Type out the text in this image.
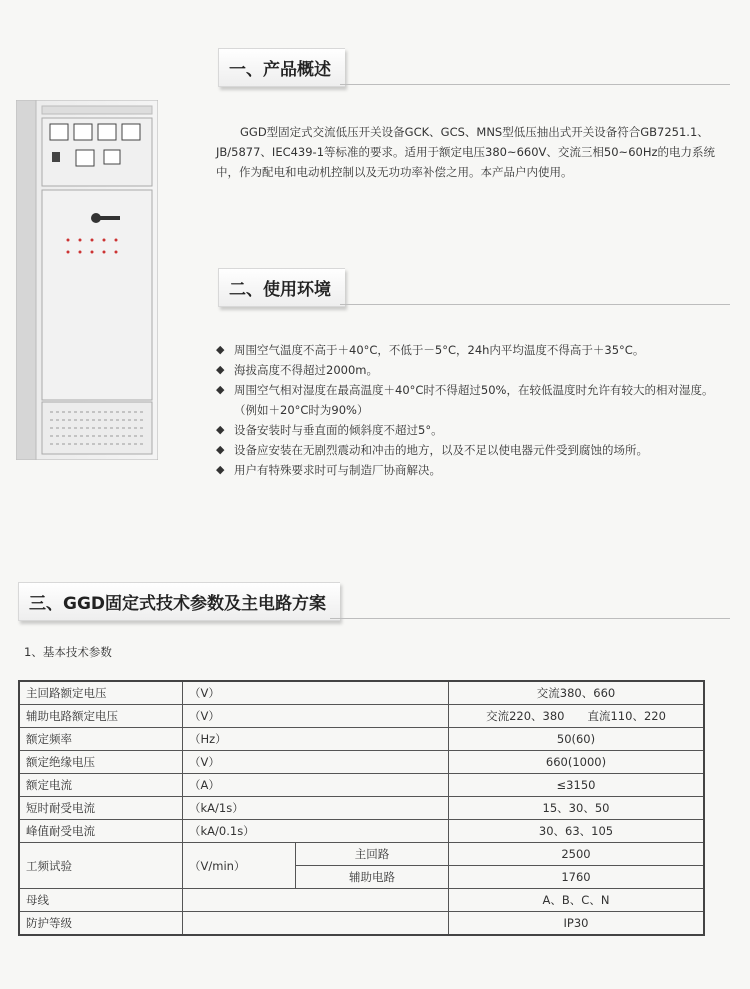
一、产品概述
GGD型固定式交流低压开关设备GCK、GCS、MNS型低压抽出式开关设备符合GB7251.1、JB/5877、IEC439-1等标准的要求。适用于额定电压380~660V、交流三相50~60Hz的电力系统中，作为配电和电动机控制以及无功功率补偿之用。本产品户内使用。
二、使用环境
◆ 周围空气温度不高于＋40°C，不低于－5°C，24h内平均温度不得高于＋35°C。
◆ 海拔高度不得超过2000m。
◆ 周围空气相对湿度在最高温度＋40°C时不得超过50%，在较低温度时允许有较大的相对湿度。（例如＋20°C时为90%）
◆ 设备安装时与垂直面的倾斜度不超过5°。
◆ 设备应安装在无剧烈震动和冲击的地方，以及不足以使电器元件受到腐蚀的场所。
◆ 用户有特殊要求时可与制造厂协商解决。
三、GGD固定式技术参数及主电路方案
1、基本技术参数
主回路额定电压	（V）		交流380、660
辅助电路额定电压	（V）		交流220、380　　直流110、220
额定频率	（Hz）		50(60)
额定绝缘电压	（V）		660(1000)
额定电流	（A）		≤3150
短时耐受电流	（kA/1s）		15、30、50
峰值耐受电流	（kA/0.1s）		30、63、105
工频试验	（V/min）	主回路	2500
		辅助电路	1760
母线			A、B、C、N
防护等级			IP30
